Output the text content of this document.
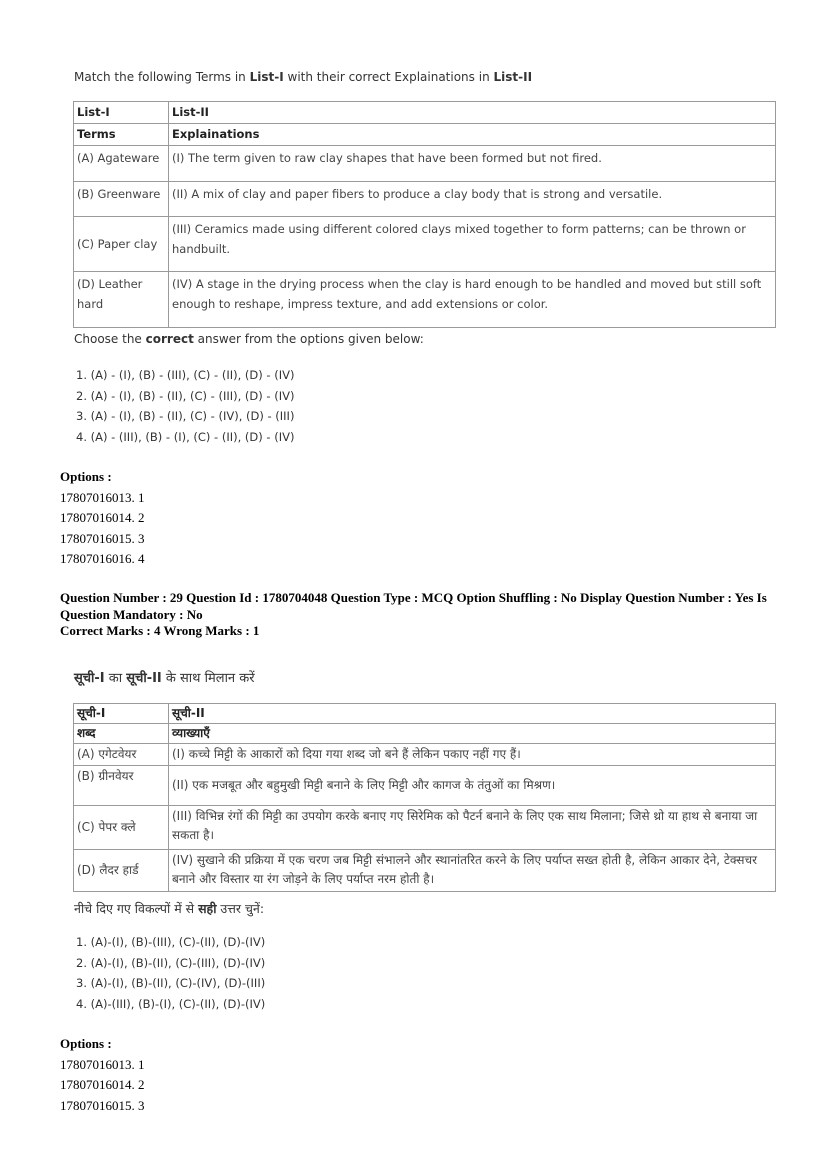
Match the following Terms in List-I with their correct Explainations in List-II
List-I	List-II
Terms	Explainations
(A) Agateware	(I) The term given to raw clay shapes that have been formed but not fired.
(B) Greenware	(II) A mix of clay and paper fibers to produce a clay body that is strong and versatile.
(C) Paper clay	(III) Ceramics made using different colored clays mixed together to form patterns; can be thrown or handbuilt.
(D) Leather hard	(IV) A stage in the drying process when the clay is hard enough to be handled and moved but still soft enough to reshape, impress texture, and add extensions or color.
Choose the correct answer from the options given below:
1. (A) - (I), (B) - (III), (C) - (II), (D) - (IV)
2. (A) - (I), (B) - (II), (C) - (III), (D) - (IV)
3. (A) - (I), (B) - (II), (C) - (IV), (D) - (III)
4. (A) - (III), (B) - (I), (C) - (II), (D) - (IV)
Options :
17807016013. 1
17807016014. 2
17807016015. 3
17807016016. 4
Question Number : 29 Question Id : 1780704048 Question Type : MCQ Option Shuffling : No Display Question Number : Yes Is Question Mandatory : No
Correct Marks : 4 Wrong Marks : 1
सूची-I का सूची-II के साथ मिलान करें
सूची-I	सूची-II
शब्द	व्याख्याएँ
(A) एगेटवेयर	(I) कच्चे मिट्टी के आकारों को दिया गया शब्द जो बने हैं लेकिन पकाए नहीं गए हैं।
(B) ग्रीनवेयर	(II) एक मजबूत और बहुमुखी मिट्टी बनाने के लिए मिट्टी और कागज के तंतुओं का मिश्रण।
(C) पेपर क्ले	(III) विभिन्न रंगों की मिट्टी का उपयोग करके बनाए गए सिरेमिक को पैटर्न बनाने के लिए एक साथ मिलाना; जिसे थ्रो या हाथ से बनाया जा सकता है।
(D) लैदर हार्ड	(IV) सुखाने की प्रक्रिया में एक चरण जब मिट्टी संभालने और स्थानांतरित करने के लिए पर्याप्त सख्त होती है, लेकिन आकार देने, टेक्सचर बनाने और विस्तार या रंग जोड़ने के लिए पर्याप्त नरम होती है।
नीचे दिए गए विकल्पों में से सही उत्तर चुनें:
1. (A)-(I), (B)-(III), (C)-(II), (D)-(IV)
2. (A)-(I), (B)-(II), (C)-(III), (D)-(IV)
3. (A)-(I), (B)-(II), (C)-(IV), (D)-(III)
4. (A)-(III), (B)-(I), (C)-(II), (D)-(IV)
Options :
17807016013. 1
17807016014. 2
17807016015. 3
